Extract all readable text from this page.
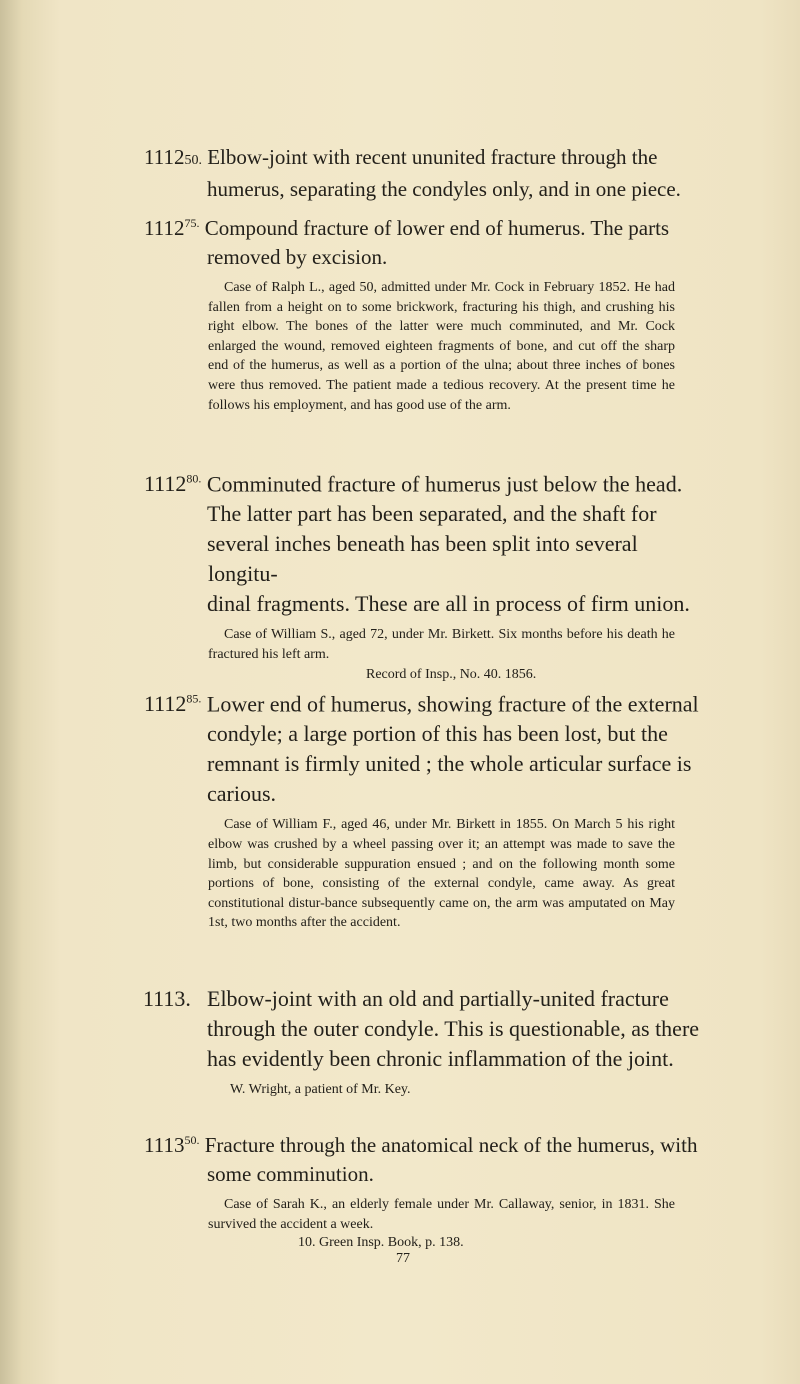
111250. Elbow-joint with recent ununited fracture through the
humerus, separating the condyles only, and in one piece.
$1112^{75.}$ Compound fracture of lower end of humerus. The parts
removed by excision.
Case of Ralph L., aged 50, admitted under Mr. Cock in February 1852. He had fallen from a height on to some brickwork, fracturing his thigh, and crushing his right elbow. The bones of the latter were much comminuted, and Mr. Cock enlarged the wound, removed eighteen fragments of bone, and cut off the sharp end of the humerus, as well as a portion of the ulna; about three inches of bones were thus removed. The patient made a tedious recovery. At the present time he follows his employment, and has good use of the arm.
$1112^{80.}$ Comminuted fracture of humerus just below the head.
The latter part has been separated, and the shaft for
several inches beneath has been split into several longitu-
dinal fragments. These are all in process of firm union.
Case of William S., aged 72, under Mr. Birkett. Six months before his death he fractured his left arm.
Record of Insp., No. 40. 1856.
$1112^{85.}$ Lower end of humerus, showing fracture of the external
condyle; a large portion of this has been lost, but the
remnant is firmly united ; the whole articular surface is
carious.
Case of William F., aged 46, under Mr. Birkett in 1855. On March 5 his right elbow was crushed by a wheel passing over it; an attempt was made to save the limb, but considerable suppuration ensued ; and on the following month some portions of bone, consisting of the external condyle, came away. As great constitutional distur-bance subsequently came on, the arm was amputated on May 1st, two months after the accident.
1113. Elbow-joint with an old and partially-united fracture
through the outer condyle. This is questionable, as there
has evidently been chronic inflammation of the joint.
W. Wright, a patient of Mr. Key.
$1113^{50.}$ Fracture through the anatomical neck of the humerus, with
some comminution.
Case of Sarah K., an elderly female under Mr. Callaway, senior, in 1831. She survived the accident a week.
10. Green Insp. Book, p. 138.
77
